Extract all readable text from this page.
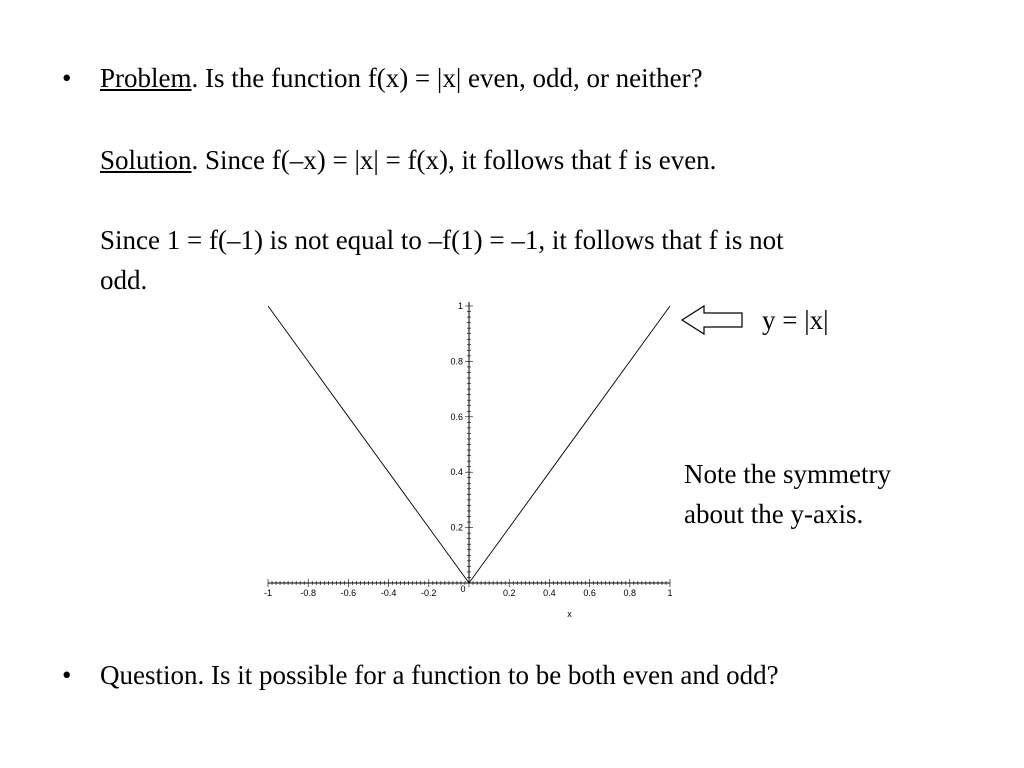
• Problem. Is the function f(x) = |x| even, odd, or neither?
Solution. Since f(–x) = |x| = f(x), it follows that f is even.
Since 1 = f(–1) is not equal to –f(1) = –1, it follows that f is not
odd.
-1	-0.8	-0.6	-0.4	-0.2	0.2	0.4	0.6	0.8	1
0
0.2
0.4
0.6
0.8
1
x
y = |x|
Note the symmetry
about the y-axis.
• Question. Is it possible for a function to be both even and odd?
